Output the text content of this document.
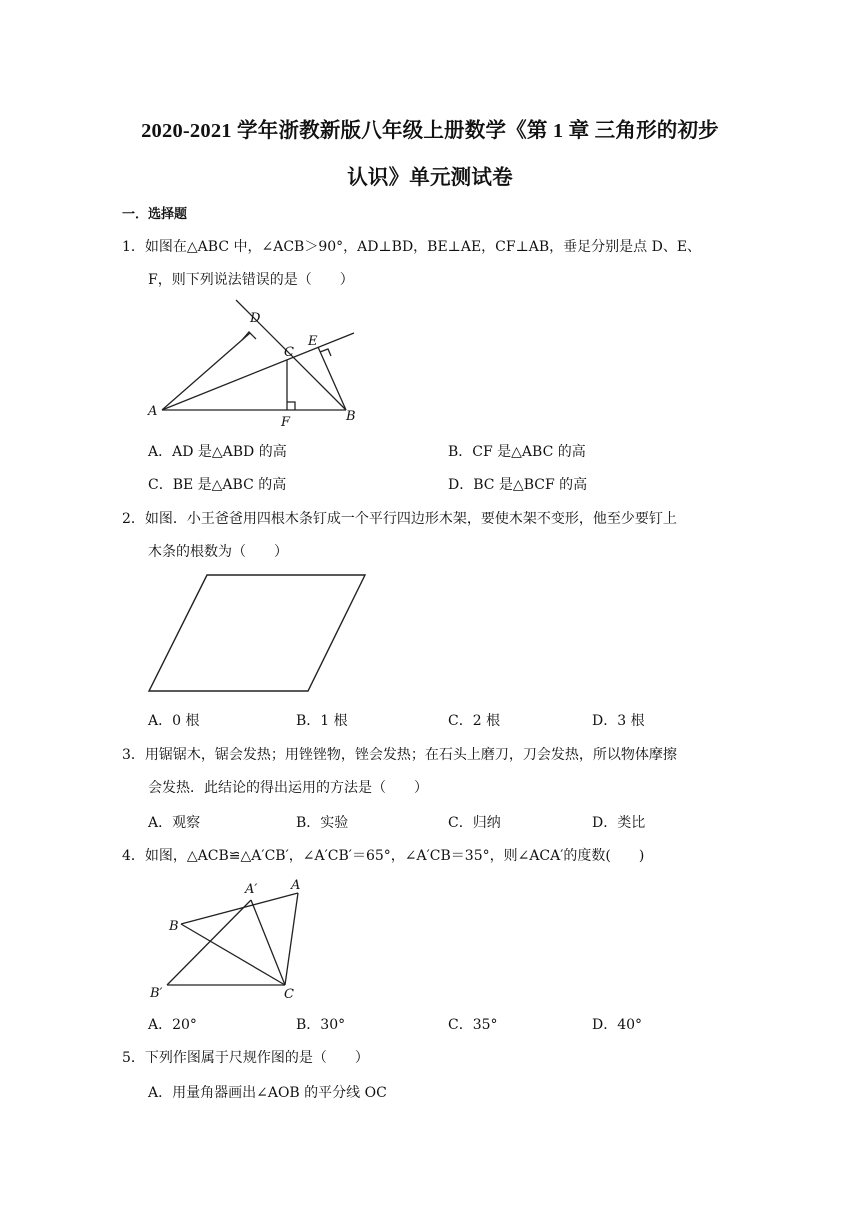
2020-2021 学年浙教新版八年级上册数学《第 1 章 三角形的初步
认识》单元测试卷
一．选择题
1．如图在△ABC 中，∠ACB＞90°，AD⊥BD，BE⊥AE，CF⊥AB，垂足分别是点 D、E、
F，则下列说法错误的是（　　）
A	B
C
D
E
F
A．AD 是△ABD 的高	B．CF 是△ABC 的高
C．BE 是△ABC 的高	D．BC 是△BCF 的高
2．如图．小王爸爸用四根木条钉成一个平行四边形木架，要使木架不变形，他至少要钉上
木条的根数为（　　）
A．0 根	B．1 根	C．2 根	D．3 根
3．用锯锯木，锯会发热；用锉锉物，锉会发热；在石头上磨刀，刀会发热，所以物体摩擦
会发热．此结论的得出运用的方法是（　　）
A．观察	B．实验	C．归纳	D．类比
4．如图，△ACB≌△A′CB′，∠A′CB′＝65°，∠A′CB＝35°，则∠ACA′的度数(　　)
A
A′
B
B′	C
A．20°	B．30°	C．35°	D．40°
5．下列作图属于尺规作图的是（　　）
A．用量角器画出∠AOB 的平分线 OC
